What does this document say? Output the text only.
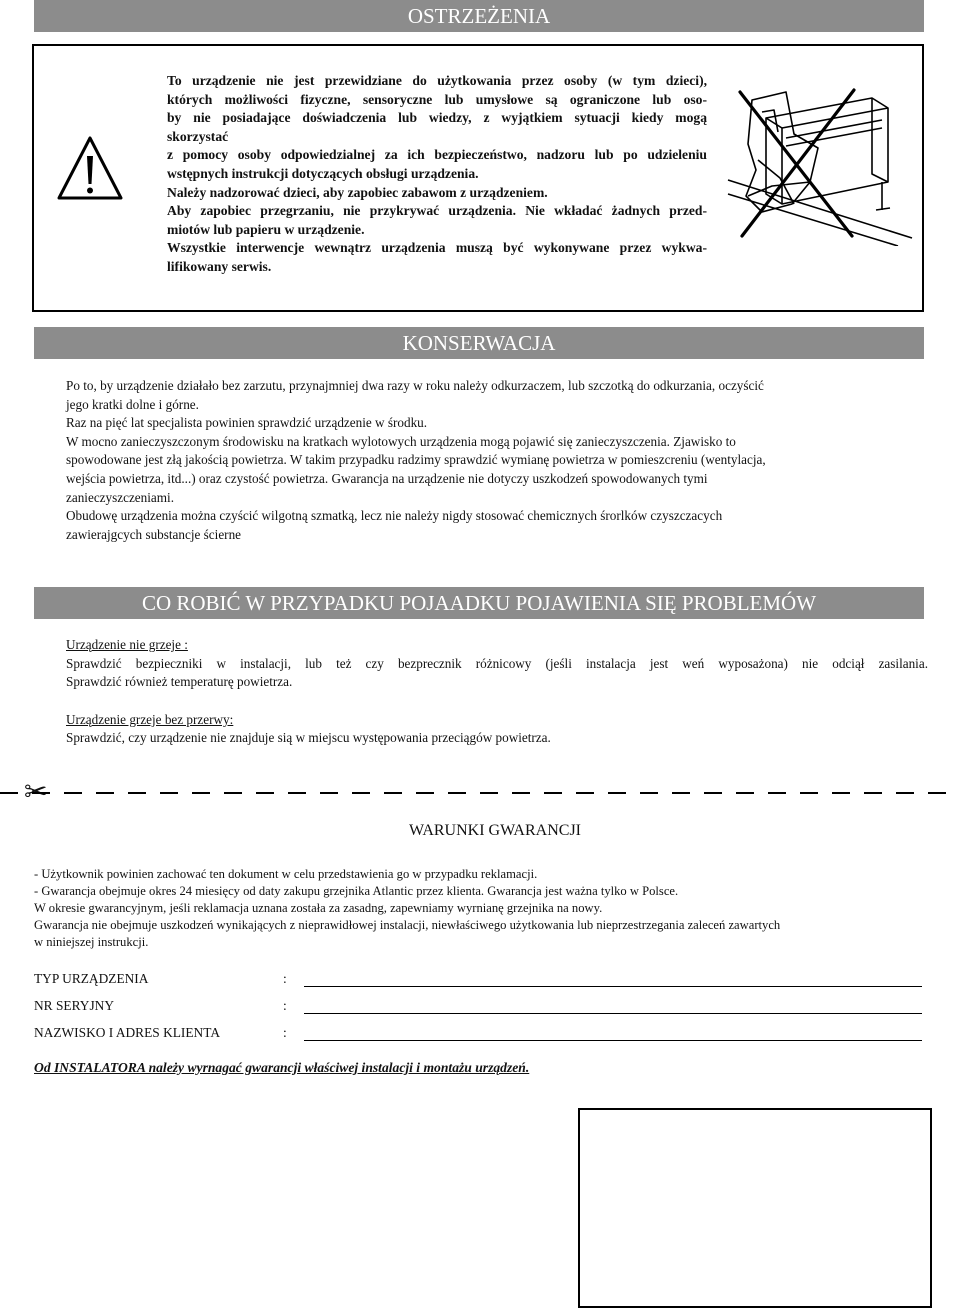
OSTRZEŻENIA

To urządzenie nie jest przewidziane do użytkowania przez osoby (w tym dzieci),

których możliwości fizyczne, sensoryczne lub umysłowe są ograniczone lub oso-

by nie posiadające doświadczenia lub wiedzy, z wyjątkiem sytuacji kiedy mogą

skorzystać

z pomocy osoby odpowiedzialnej za ich bezpieczeństwo, nadzoru lub po udzieleniu

wstępnych instrukcji dotyczących obsługi urządzenia.

Należy nadzorować dzieci, aby zapobiec zabawom z urządzeniem.

Aby zapobiec przegrzaniu, nie przykrywać urządzenia. Nie wkładać żadnych przed-

miotów lub papieru w urządzenie.

Wszystkie interwencje wewnątrz urządzenia muszą być wykonywane przez wykwa-

lifikowany serwis.

KONSERWACJA

Po to, by urządzenie działało bez zarzutu, przynajmniej dwa razy w roku należy odkurzaczem, lub szczotką do odkurzania, oczyścić

jego kratki dolne i górne.

Raz na pięć lat specjalista powinien sprawdzić urządzenie w środku.

W mocno zanieczyszczonym środowisku na kratkach wylotowych urządzenia mogą pojawić się zanieczyszczenia. Zjawisko to

spowodowane jest złą jakością powietrza. W takim przypadku radzimy sprawdzić wymianę powietrza w pomieszcreniu (wentylacja,

wejścia powietrza, itd...) oraz czystość powietrza. Gwarancja na urządzenie nie dotyczy uszkodzeń spowodowanych tymi

zanieczyszczeniami.

Obudowę urządzenia można czyścić wilgotną szmatką, lecz nie należy nigdy stosować chemicznych śrorlków czyszczacych

zawierajgcych substancje ścierne

CO ROBIĆ W PRZYPADKU POJAADKU POJAWIENIA SIĘ PROBLEMÓW

Urządzenie nie grzeje :

Sprawdzić bezpieczniki w instalacji, lub też czy bezprecznik różnicowy (jeśli instalacja jest weń wyposażona) nie odciął zasilania.

Sprawdzić również temperaturę powietrza.

Urządzenie grzeje bez przerwy:

Sprawdzić, czy urządzenie nie znajduje sią w miejscu występowania przeciągów powietrza.

✂
WARUNKI GWARANCJI

- Użytkownik powinien zachować ten dokument w celu przedstawienia go w przypadku reklamacji.

- Gwarancja obejmuje okres 24 miesięcy od daty zakupu grzejnika Atlantic przez klienta. Gwarancja jest ważna tylko w Polsce.

W okresie gwarancyjnym, jeśli reklamacja uznana została za zasadng, zapewniamy wyrnianę grzejnika na nowy.

Gwarancja nie obejmuje uszkodzeń wynikających z nieprawidłowej instalacji, niewłaściwego użytkowania lub nieprzestrzegania zaleceń zawartych

w niniejszej instrukcji.

TYP URZĄDZENIA	:
NR SERYJNY	:
NAZWISKO I ADRES KLIENTA	:
Od INSTALATORA należy wyrnagać gwarancji właściwej instalacji i montażu urządzeń.
